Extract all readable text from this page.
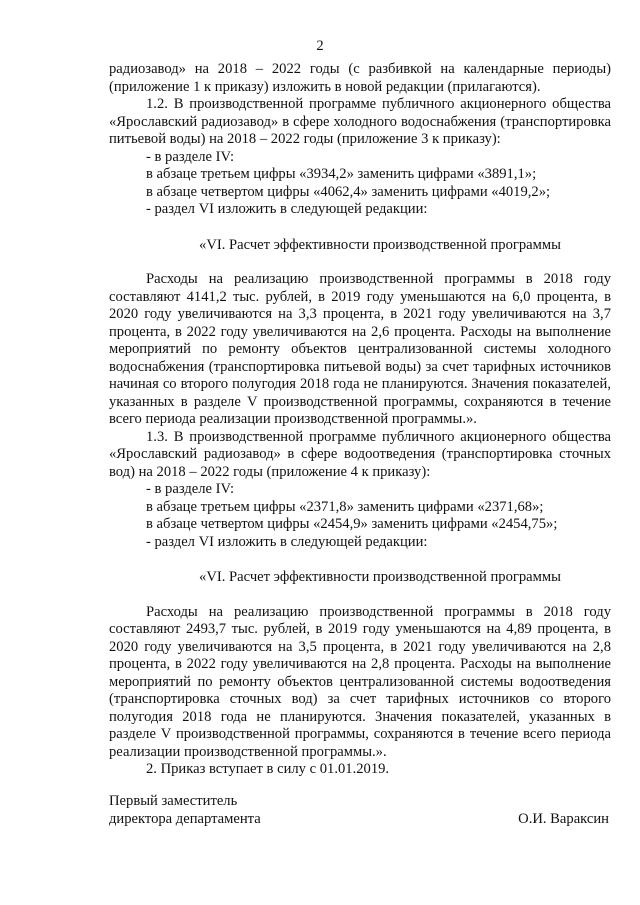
2

радиозавод» на 2018 – 2022 годы (с разбивкой на календарные периоды) (приложение 1 к приказу) изложить в новой редакции (прилагаются).

1.2. В производственной программе публичного акционерного общества «Ярославский радиозавод» в сфере холодного водоснабжения (транспортировка питьевой воды) на 2018 – 2022 годы (приложение 3 к приказу):

- в разделе IV:

в абзаце третьем цифры «3934,2» заменить цифрами «3891,1»;

в абзаце четвертом цифры «4062,4» заменить цифрами «4019,2»;

- раздел VI изложить в следующей редакции:

«VI. Расчет эффективности производственной программы

Расходы на реализацию производственной программы в 2018 году составляют 4141,2 тыс. рублей, в 2019 году уменьшаются на 6,0 процента, в 2020 году увеличиваются на 3,3 процента, в 2021 году увеличиваются на 3,7 процента, в 2022 году увеличиваются на 2,6 процента. Расходы на выполнение мероприятий по ремонту объектов централизованной системы холодного водоснабжения (транспортировка питьевой воды) за счет тарифных источников начиная со второго полугодия 2018 года не планируются. Значения показателей, указанных в разделе V производственной программы, сохраняются в течение всего периода реализации производственной программы.».

1.3. В производственной программе публичного акционерного общества «Ярославский радиозавод» в сфере водоотведения (транспортировка сточных вод) на 2018 – 2022 годы (приложение 4 к приказу):

- в разделе IV:

в абзаце третьем цифры «2371,8» заменить цифрами «2371,68»;

в абзаце четвертом цифры «2454,9» заменить цифрами «2454,75»;

- раздел VI изложить в следующей редакции:

«VI. Расчет эффективности производственной программы

Расходы на реализацию производственной программы в 2018 году составляют 2493,7 тыс. рублей, в 2019 году уменьшаются на 4,89 процента, в 2020 году увеличиваются на 3,5 процента, в 2021 году увеличиваются на 2,8 процента, в 2022 году увеличиваются на 2,8 процента. Расходы на выполнение мероприятий по ремонту объектов централизованной системы водоотведения (транспортировка сточных вод) за счет тарифных источников со второго полугодия 2018 года не планируются. Значения показателей, указанных в разделе V производственной программы, сохраняются в течение всего периода реализации производственной программы.».

2. Приказ вступает в силу с 01.01.2019.

Первый заместитель
директора департамента	О.И. Вараксин
